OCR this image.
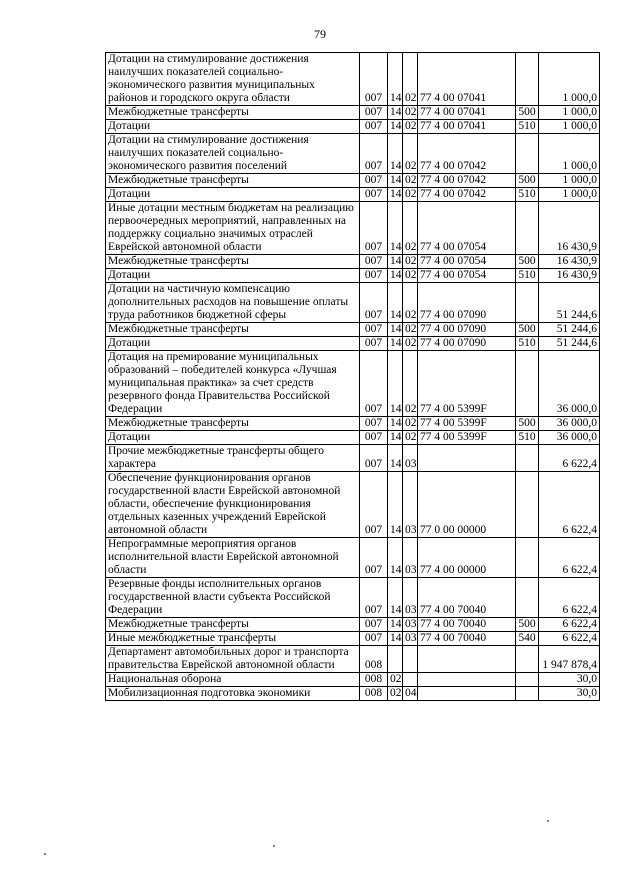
79
Дотации на стимулирование достижения наилучших показателей социально-экономического развития муниципальных районов и городского округа области	007	14	02	77 4 00 07041		1 000,0
Межбюджетные трансферты	007	14	02	77 4 00 07041	500	1 000,0
Дотации	007	14	02	77 4 00 07041	510	1 000,0
Дотации на стимулирование достижения наилучших показателей социально-экономического развития поселений	007	14	02	77 4 00 07042		1 000,0
Межбюджетные трансферты	007	14	02	77 4 00 07042	500	1 000,0
Дотации	007	14	02	77 4 00 07042	510	1 000,0
Иные дотации местным бюджетам на реализацию первоочередных мероприятий, направленных на поддержку социально значимых отраслей Еврейской автономной области	007	14	02	77 4 00 07054		16 430,9
Межбюджетные трансферты	007	14	02	77 4 00 07054	500	16 430,9
Дотации	007	14	02	77 4 00 07054	510	16 430,9
Дотации на частичную компенсацию дополнительных расходов на повышение оплаты труда работников бюджетной сферы	007	14	02	77 4 00 07090		51 244,6
Межбюджетные трансферты	007	14	02	77 4 00 07090	500	51 244,6
Дотации	007	14	02	77 4 00 07090	510	51 244,6
Дотация на премирование муниципальных образований – победителей конкурса «Лучшая муниципальная практика» за счет средств резервного фонда Правительства Российской Федерации	007	14	02	77 4 00 5399F		36 000,0
Межбюджетные трансферты	007	14	02	77 4 00 5399F	500	36 000,0
Дотации	007	14	02	77 4 00 5399F	510	36 000,0
Прочие межбюджетные трансферты общего характера	007	14	03			6 622,4
Обеспечение функционирования органов государственной власти Еврейской автономной области, обеспечение функционирования отдельных казенных учреждений Еврейской автономной области	007	14	03	77 0 00 00000		6 622,4
Непрограммные мероприятия органов исполнительной власти Еврейской автономной области	007	14	03	77 4 00 00000		6 622,4
Резервные фонды исполнительных органов государственной власти субъекта Российской Федерации	007	14	03	77 4 00 70040		6 622,4
Межбюджетные трансферты	007	14	03	77 4 00 70040	500	6 622,4
Иные межбюджетные трансферты	007	14	03	77 4 00 70040	540	6 622,4
Департамент автомобильных дорог и транспорта правительства Еврейской автономной области	008					1 947 878,4
Национальная оборона	008	02				30,0
Мобилизационная подготовка экономики	008	02	04			30,0
